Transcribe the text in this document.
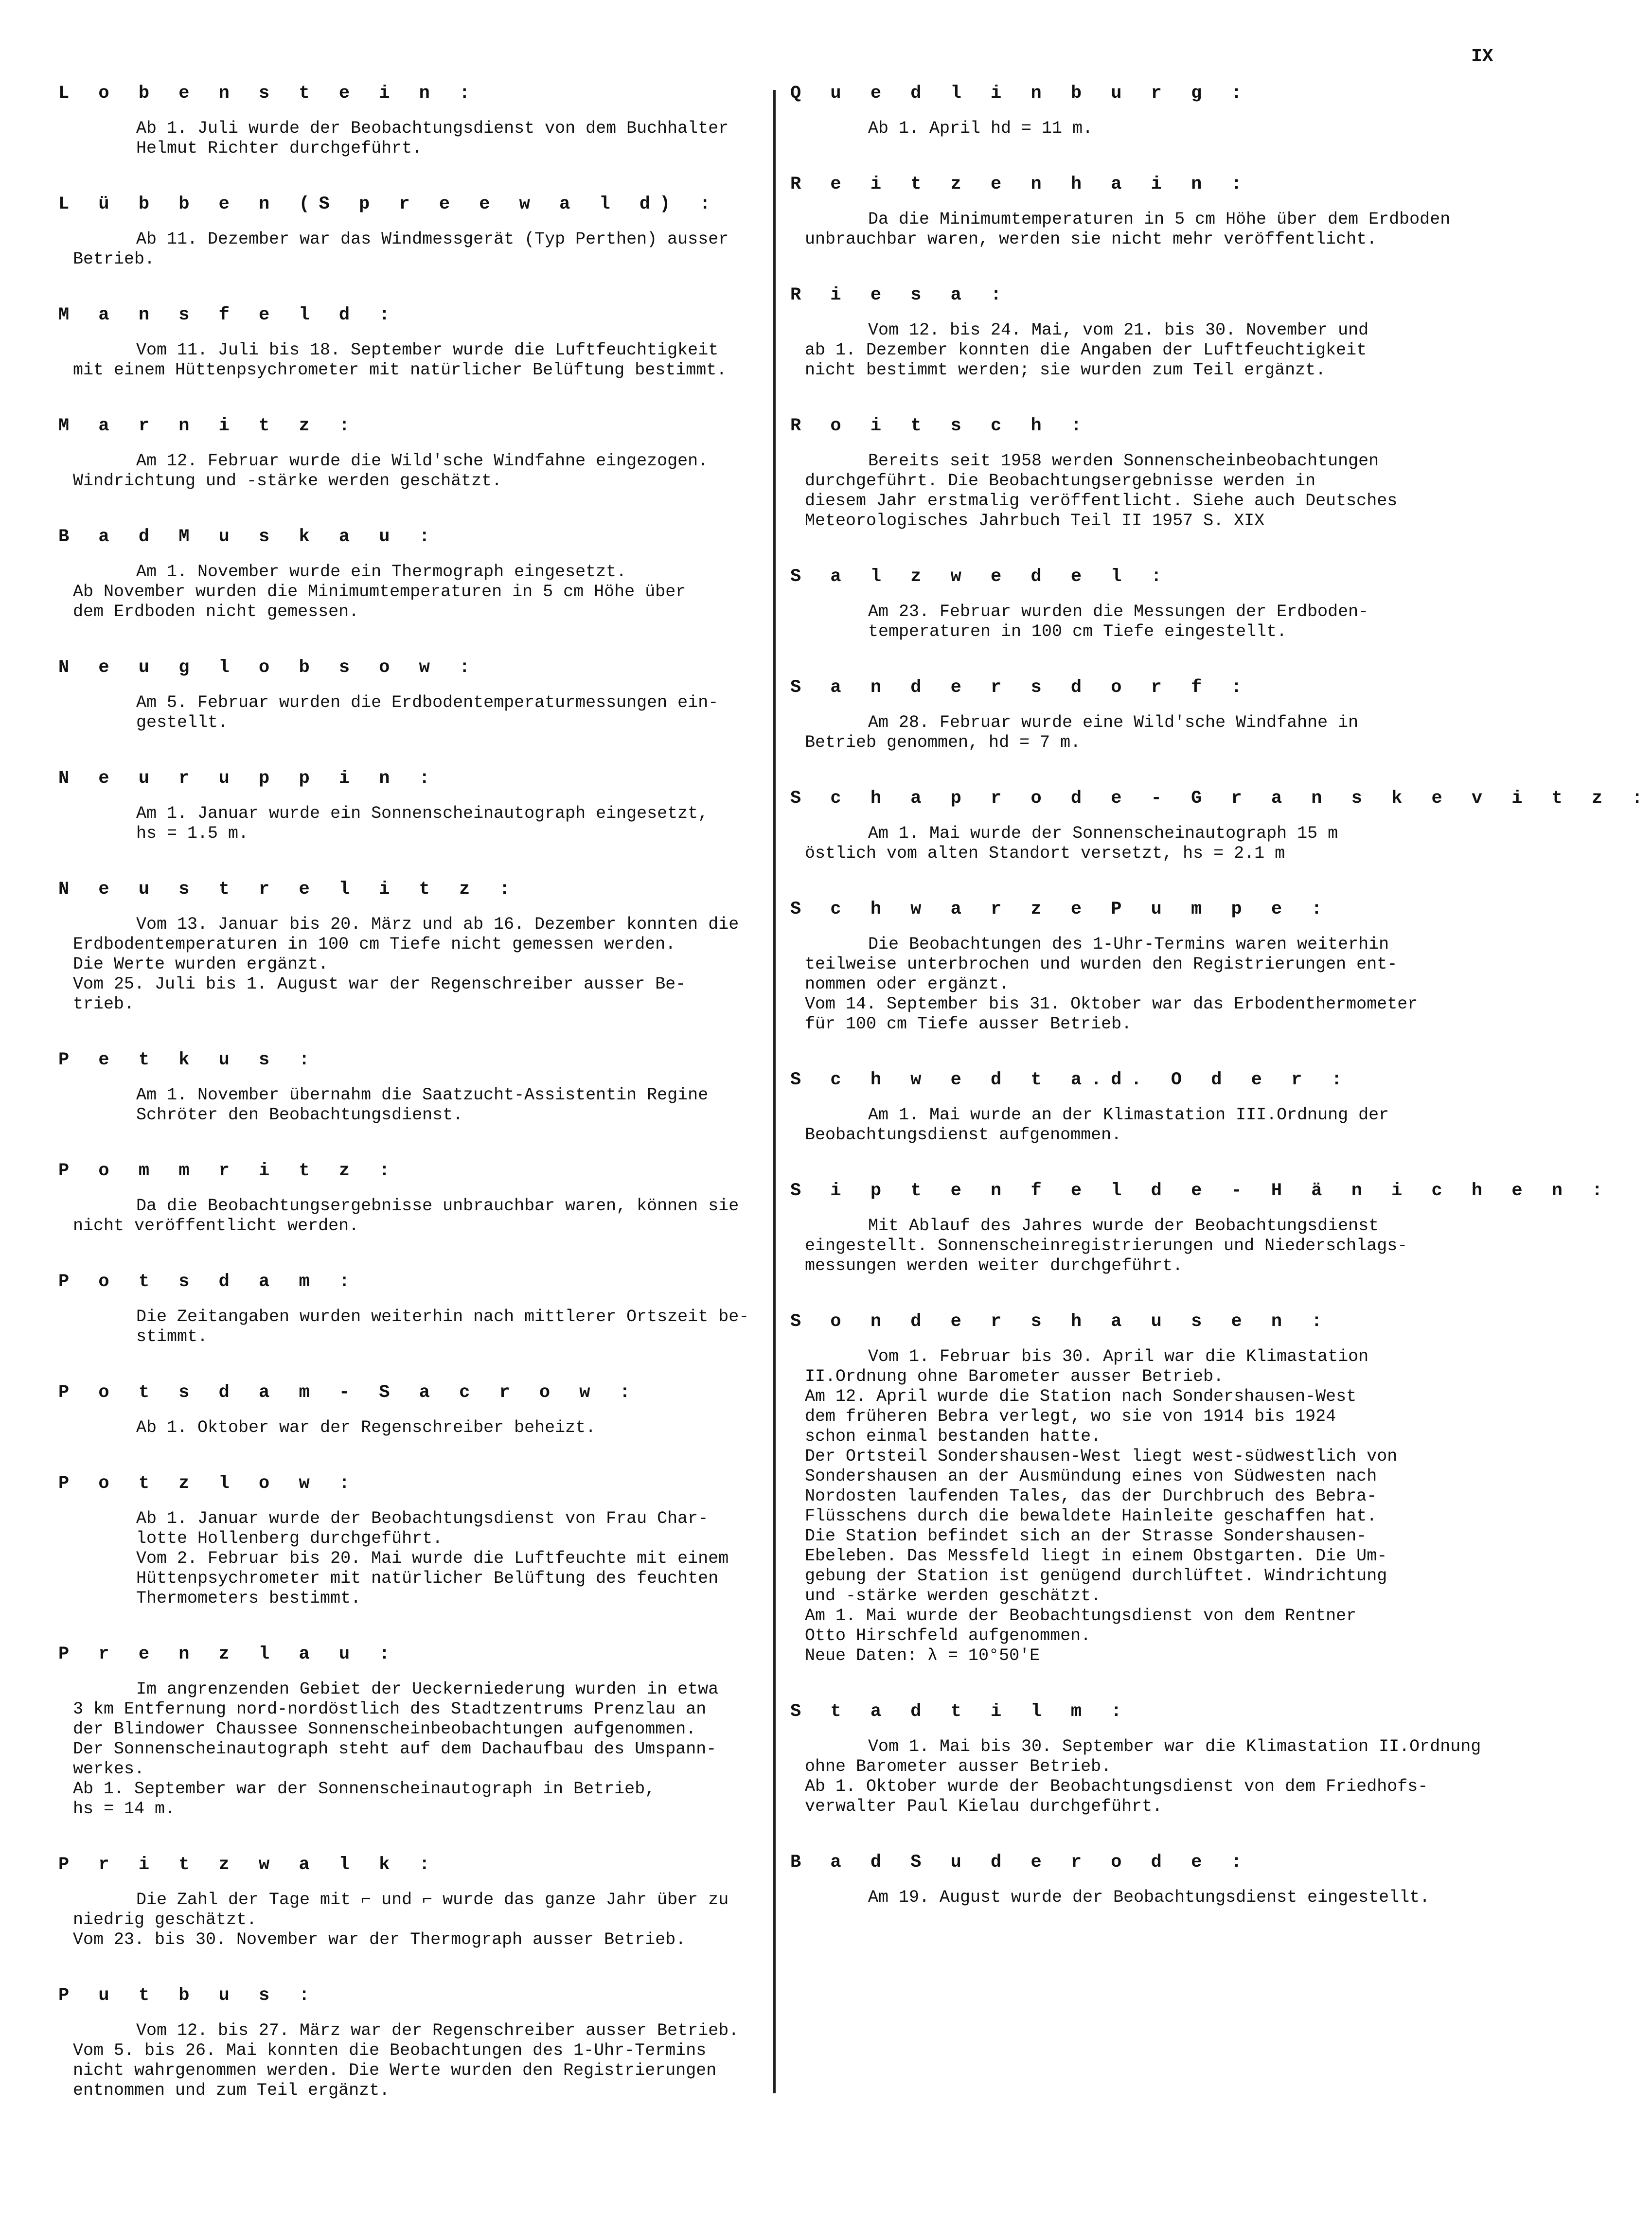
IX
L o b e n s t e i n :
Ab 1. Juli wurde der Beobachtungsdienst von dem Buchhalter
Helmut Richter durchgeführt.
L ü b b e n (S p r e e w a l d) :
Ab 11. Dezember war das Windmessgerät (Typ Perthen) ausser
Betrieb.
M a n s f e l d :
Vom 11. Juli bis 18. September wurde die Luftfeuchtigkeit
mit einem Hüttenpsychrometer mit natürlicher Belüftung bestimmt.
M a r n i t z :
Am 12. Februar wurde die Wild'sche Windfahne eingezogen.
Windrichtung und -stärke werden geschätzt.
B a d M u s k a u :
Am 1. November wurde ein Thermograph eingesetzt.
Ab November wurden die Minimumtemperaturen in 5 cm Höhe über
dem Erdboden nicht gemessen.
N e u g l o b s o w :
Am 5. Februar wurden die Erdbodentemperaturmessungen ein-
gestellt.
N e u r u p p i n :
Am 1. Januar wurde ein Sonnenscheinautograph eingesetzt,
hs = 1.5 m.
N e u s t r e l i t z :
Vom 13. Januar bis 20. März und ab 16. Dezember konnten die
Erdbodentemperaturen in 100 cm Tiefe nicht gemessen werden.
Die Werte wurden ergänzt.
Vom 25. Juli bis 1. August war der Regenschreiber ausser Be-
trieb.
P e t k u s :
Am 1. November übernahm die Saatzucht-Assistentin Regine
Schröter den Beobachtungsdienst.
P o m m r i t z :
Da die Beobachtungsergebnisse unbrauchbar waren, können sie
nicht veröffentlicht werden.
P o t s d a m :
Die Zeitangaben wurden weiterhin nach mittlerer Ortszeit be-
stimmt.
P o t s d a m - S a c r o w :
Ab 1. Oktober war der Regenschreiber beheizt.
P o t z l o w :
Ab 1. Januar wurde der Beobachtungsdienst von Frau Char-
lotte Hollenberg durchgeführt.
Vom 2. Februar bis 20. Mai wurde die Luftfeuchte mit einem
Hüttenpsychrometer mit natürlicher Belüftung des feuchten
Thermometers bestimmt.
P r e n z l a u :
Im angrenzenden Gebiet der Ueckerniederung wurden in etwa
3 km Entfernung nord-nordöstlich des Stadtzentrums Prenzlau an
der Blindower Chaussee Sonnenscheinbeobachtungen aufgenommen.
Der Sonnenscheinautograph steht auf dem Dachaufbau des Umspann-
werkes.
Ab 1. September war der Sonnenscheinautograph in Betrieb,
hs = 14 m.
P r i t z w a l k :
Die Zahl der Tage mit ⌐ und ⌐ wurde das ganze Jahr über zu
niedrig geschätzt.
Vom 23. bis 30. November war der Thermograph ausser Betrieb.
P u t b u s :
Vom 12. bis 27. März war der Regenschreiber ausser Betrieb.
Vom 5. bis 26. Mai konnten die Beobachtungen des 1-Uhr-Termins
nicht wahrgenommen werden. Die Werte wurden den Registrierungen
entnommen und zum Teil ergänzt.
Q u e d l i n b u r g :
Ab 1. April hd = 11 m.
R e i t z e n h a i n :
Da die Minimumtemperaturen in 5 cm Höhe über dem Erdboden
unbrauchbar waren, werden sie nicht mehr veröffentlicht.
R i e s a :
Vom 12. bis 24. Mai, vom 21. bis 30. November und
ab 1. Dezember konnten die Angaben der Luftfeuchtigkeit
nicht bestimmt werden; sie wurden zum Teil ergänzt.
R o i t s c h :
Bereits seit 1958 werden Sonnenscheinbeobachtungen
durchgeführt. Die Beobachtungsergebnisse werden in
diesem Jahr erstmalig veröffentlicht. Siehe auch Deutsches
Meteorologisches Jahrbuch Teil II 1957 S. XIX
S a l z w e d e l :
Am 23. Februar wurden die Messungen der Erdboden-
temperaturen in 100 cm Tiefe eingestellt.
S a n d e r s d o r f :
Am 28. Februar wurde eine Wild'sche Windfahne in
Betrieb genommen, hd = 7 m.
S c h a p r o d e - G r a n s k e v i t z :
Am 1. Mai wurde der Sonnenscheinautograph 15 m
östlich vom alten Standort versetzt, hs = 2.1 m
S c h w a r z e P u m p e :
Die Beobachtungen des 1-Uhr-Termins waren weiterhin
teilweise unterbrochen und wurden den Registrierungen ent-
nommen oder ergänzt.
Vom 14. September bis 31. Oktober war das Erbodenthermometer
für 100 cm Tiefe ausser Betrieb.
S c h w e d t a.d. O d e r :
Am 1. Mai wurde an der Klimastation III.Ordnung der
Beobachtungsdienst aufgenommen.
S i p t e n f e l d e - H ä n i c h e n :
Mit Ablauf des Jahres wurde der Beobachtungsdienst
eingestellt. Sonnenscheinregistrierungen und Niederschlags-
messungen werden weiter durchgeführt.
S o n d e r s h a u s e n :
Vom 1. Februar bis 30. April war die Klimastation
II.Ordnung ohne Barometer ausser Betrieb.
Am 12. April wurde die Station nach Sondershausen-West
dem früheren Bebra verlegt, wo sie von 1914 bis 1924
schon einmal bestanden hatte.
Der Ortsteil Sondershausen-West liegt west-südwestlich von
Sondershausen an der Ausmündung eines von Südwesten nach
Nordosten laufenden Tales, das der Durchbruch des Bebra-
Flüsschens durch die bewaldete Hainleite geschaffen hat.
Die Station befindet sich an der Strasse Sondershausen-
Ebeleben. Das Messfeld liegt in einem Obstgarten. Die Um-
gebung der Station ist genügend durchlüftet. Windrichtung
und -stärke werden geschätzt.
Am 1. Mai wurde der Beobachtungsdienst von dem Rentner
Otto Hirschfeld aufgenommen.
Neue Daten: λ = 10°50'E
S t a d t i l m :
Vom 1. Mai bis 30. September war die Klimastation II.Ordnung
ohne Barometer ausser Betrieb.
Ab 1. Oktober wurde der Beobachtungsdienst von dem Friedhofs-
verwalter Paul Kielau durchgeführt.
B a d S u d e r o d e :
Am 19. August wurde der Beobachtungsdienst eingestellt.
